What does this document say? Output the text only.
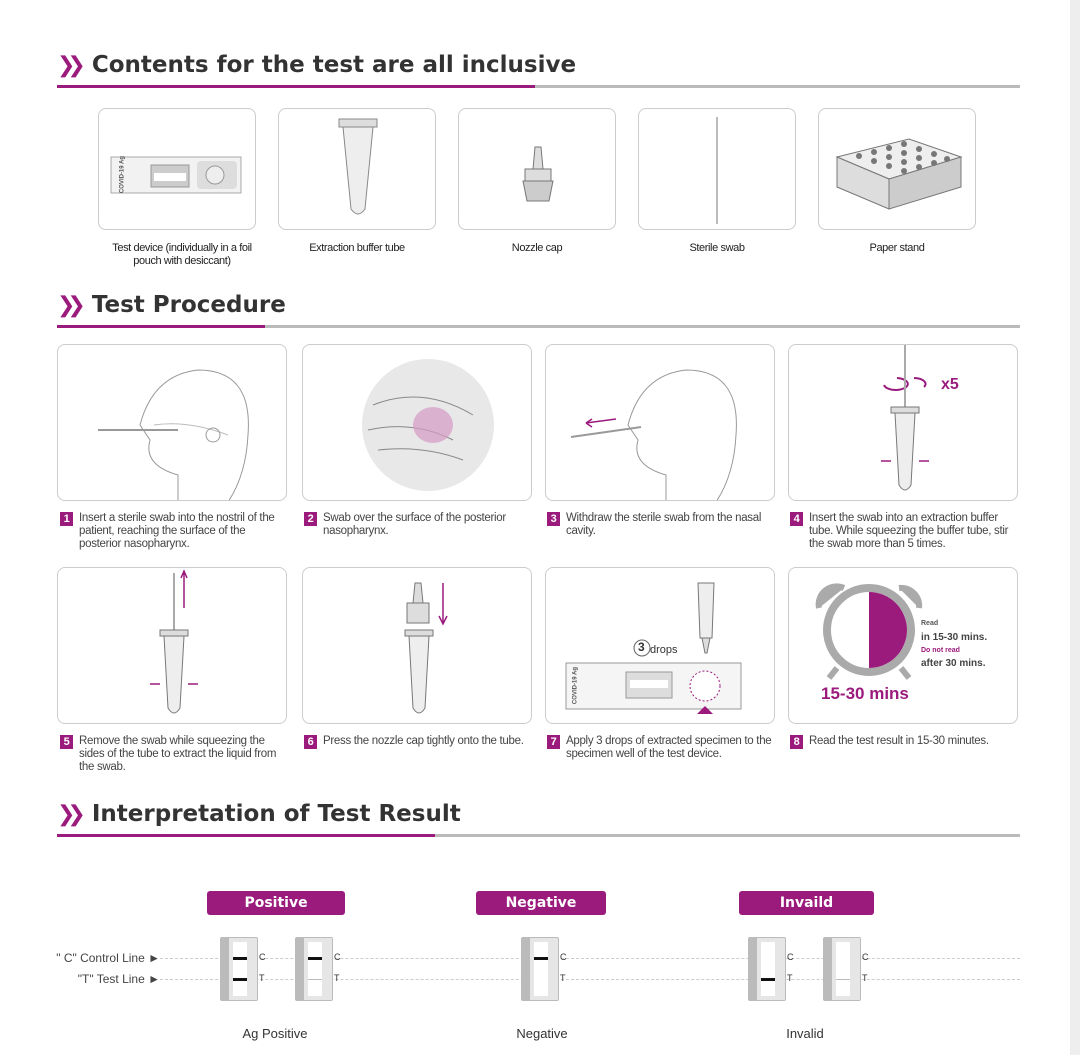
❯❯ Contents for the test are all inclusive
COVID-19 Ag
Test device (individually in a foil pouch with desiccant)
Extraction buffer tube	Nozzle cap	Sterile swab	Paper stand
❯❯ Test Procedure
x5
1 Insert a sterile swab into the nostril of the patient, reaching the surface of the posterior nasopharynx.
2 Swab over the surface of the posterior nasopharynx.
3 Withdraw the sterile swab from the nasal cavity.
4 Insert the swab into an extraction buffer tube. While squeezing the buffer tube, stir the swab more than 5 times.
COVID-19 Ag
3 drops
Read
in 15-30 mins.
Do not read
after 30 mins.
15-30 mins
5 Remove the swab while squeezing the sides of the tube to extract the liquid from the swab.
6 Press the nozzle cap tightly onto the tube.	7 Apply 3 drops of extracted specimen to the specimen well of the test device.
8 Read the test result in 15-30 minutes.
❯❯ Interpretation of Test Result
Positive	Negative	Invaild
" C" Control Line ►
"T" Test Line ►
C
T
C
T
C
T
C
T
C
T
Ag Positive	Negative	Invalid
